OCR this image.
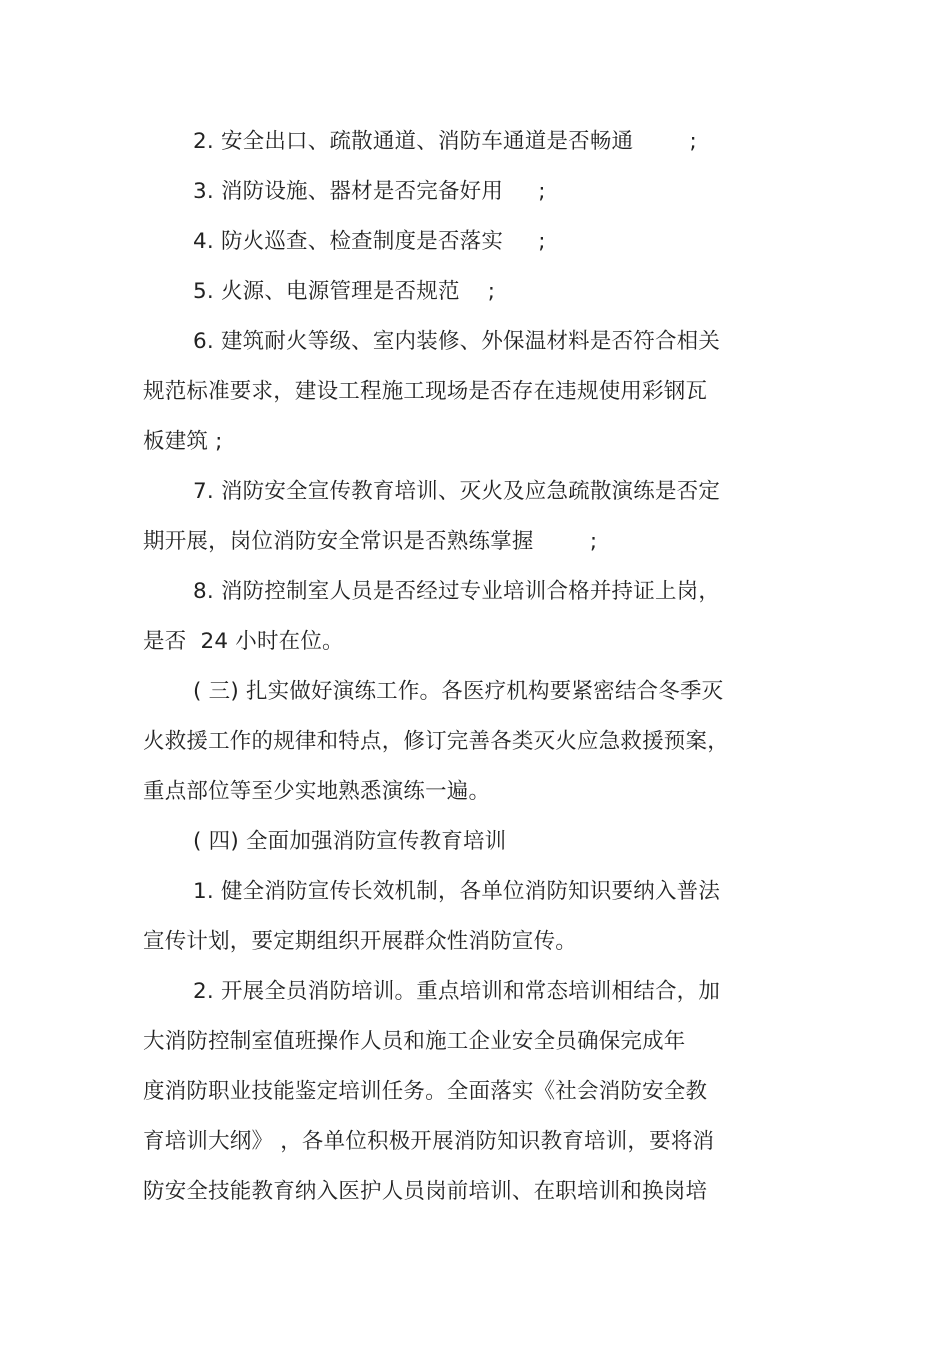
2. 安全出口、疏散通道、消防车通道是否畅通        ;
3. 消防设施、器材是否完备好用     ;
4. 防火巡查、检查制度是否落实     ;
5. 火源、电源管理是否规范    ;
6. 建筑耐火等级、室内装修、外保温材料是否符合相关
规范标准要求，建设工程施工现场是否存在违规使用彩钢瓦
板建筑 ;
7. 消防安全宣传教育培训、灭火及应急疏散演练是否定
期开展，岗位消防安全常识是否熟练掌握        ;
8. 消防控制室人员是否经过专业培训合格并持证上岗，
是否  24 小时在位。
( 三) 扎实做好演练工作。各医疗机构要紧密结合冬季灭
火救援工作的规律和特点，修订完善各类灭火应急救援预案，
重点部位等至少实地熟悉演练一遍。
( 四) 全面加强消防宣传教育培训
1. 健全消防宣传长效机制，各单位消防知识要纳入普法
宣传计划，要定期组织开展群众性消防宣传。
2. 开展全员消防培训。重点培训和常态培训相结合，加
大消防控制室值班操作人员和施工企业安全员确保完成年
度消防职业技能鉴定培训任务。全面落实《社会消防安全教
育培训大纲》 ，各单位积极开展消防知识教育培训，要将消
防安全技能教育纳入医护人员岗前培训、在职培训和换岗培
